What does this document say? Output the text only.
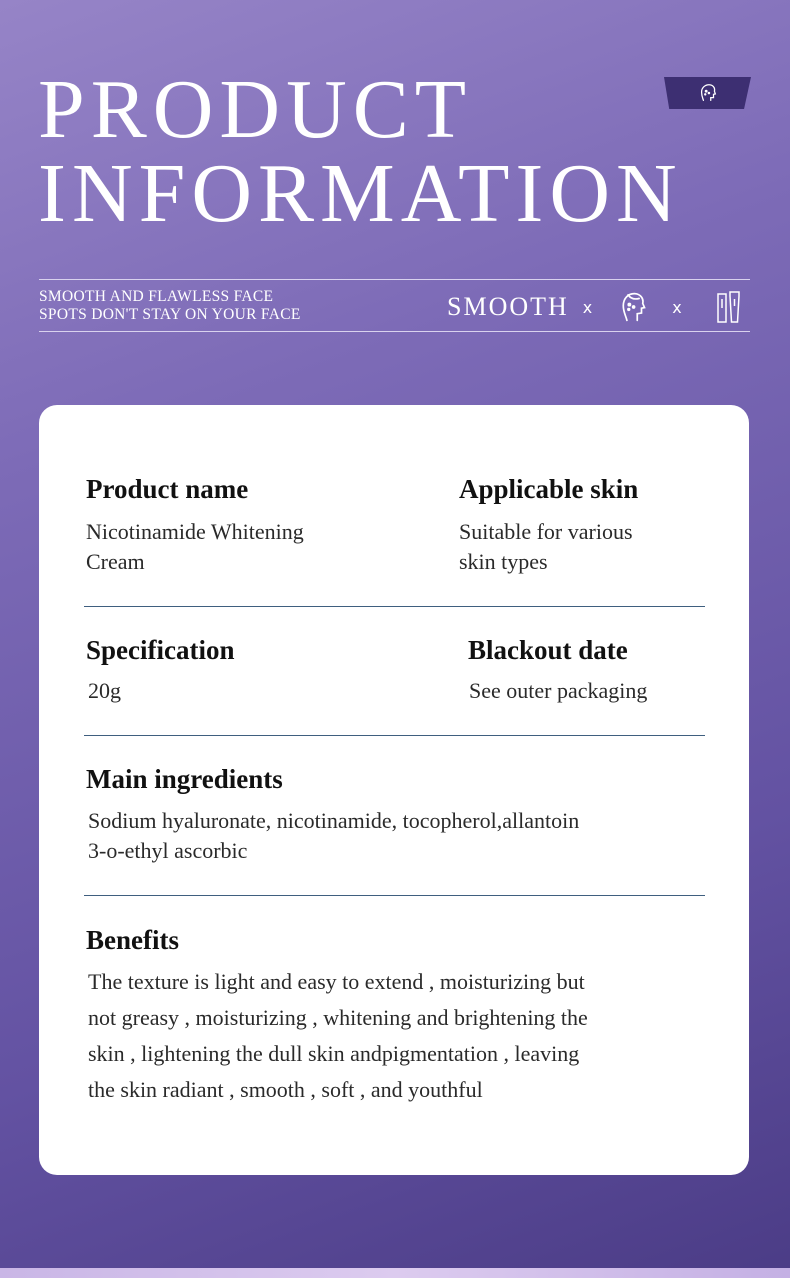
PRODUCT
INFORMATION
SMOOTH AND FLAWLESS FACE
SPOTS DON'T STAY ON YOUR FACE	SMOOTH x	x
Product name
Nicotinamide Whitening
Cream
Applicable skin
Suitable for various
skin types
Specification
20g
Blackout date
See outer packaging
Main ingredients
Sodium hyaluronate, nicotinamide, tocopherol,allantoin
3-o-ethyl ascorbic
Benefits
The texture is light and easy to extend , moisturizing but
not greasy , moisturizing , whitening and brightening the
skin , lightening the dull skin andpigmentation , leaving
the skin radiant , smooth , soft , and youthful
